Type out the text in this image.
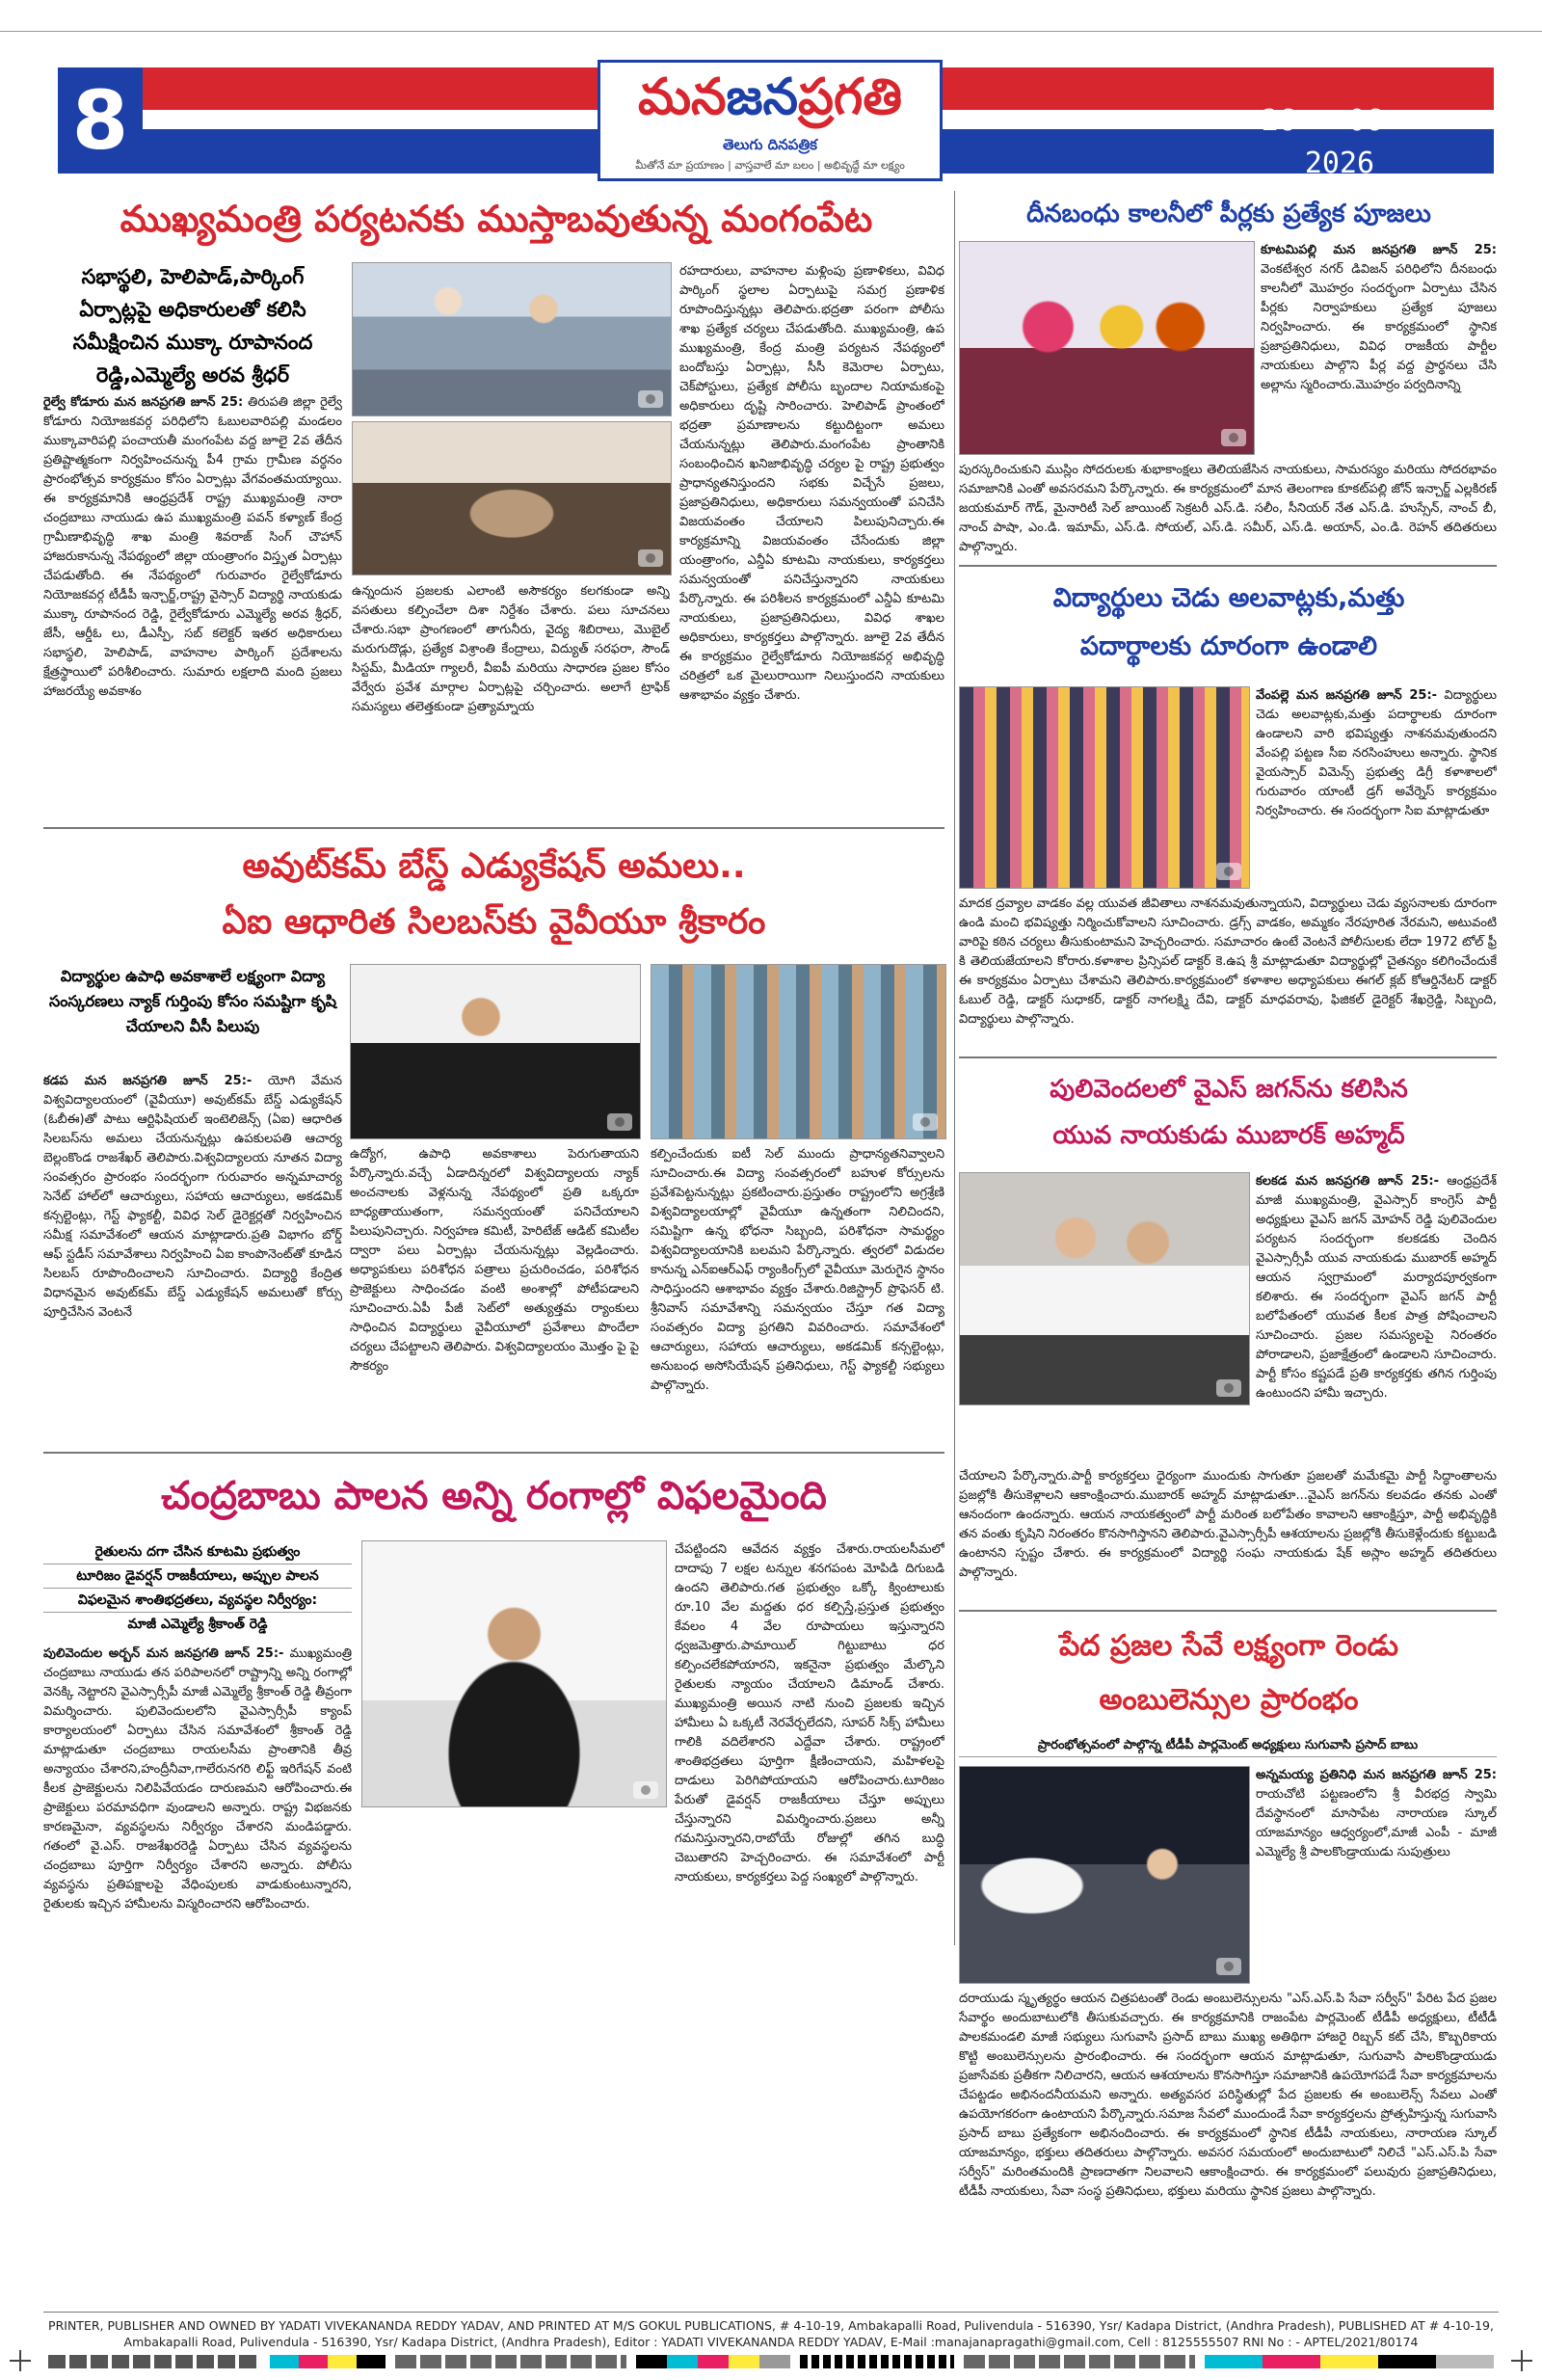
8	మనజనప్రగతి
తెలుగు దినపత్రిక
మీతోనే మా ప్రయాణం | వాస్తవాలే మా బలం | అభివృద్ధే మా లక్ష్యం
26 - 06 - 2026
ముఖ్యమంత్రి పర్యటనకు ముస్తాబవుతున్న మంగంపేట
సభాస్థలి, హెలిపాడ్,పార్కింగ్ ఏర్పాట్లపై అధికారులతో కలిసి సమీక్షించిన ముక్కా రూపానంద రెడ్డి,ఎమ్మెల్యే అరవ శ్రీధర్
రైల్వే కోడూరు మన జనప్రగతి జూన్ 25: తిరుపతి జిల్లా రైల్వే కోడూరు నియోజకవర్గ పరిధిలోని ఓబులవారిపల్లి మండలం ముక్కావారిపల్లి పంచాయతీ మంగంపేట వద్ద జూలై 2వ తేదీన ప్రతిష్టాత్మకంగా నిర్వహించనున్న పీ4 గ్రామ గ్రామీణ వర్ధనం ప్రారంభోత్సవ కార్యక్రమం కోసం ఏర్పాట్లు వేగవంతమయ్యాయి. ఈ కార్యక్రమానికి ఆంధ్రప్రదేశ్ రాష్ట్ర ముఖ్యమంత్రి నారా చంద్రబాబు నాయుడు ఉప ముఖ్యమంత్రి పవన్ కళ్యాణ్ కేంద్ర గ్రామీణాభివృద్ధి శాఖ మంత్రి శివరాజ్ సింగ్ చౌహాన్ హాజరుకానున్న నేపథ్యంలో జిల్లా యంత్రాంగం విస్తృత ఏర్పాట్లు చేపడుతోంది. ఈ నేపథ్యంలో గురువారం రైల్వేకోడూరు నియోజకవర్గ టీడీపీ ఇన్చార్జ్,రాష్ట్ర వైస్సార్ విద్యార్థి నాయకుడు ముక్కా రూపానంద రెడ్డి, రైల్వేకోడూరు ఎమ్మెల్యే అరవ శ్రీధర్, జేసీ, ఆర్డీఓ లు, డీఎస్పీ, సబ్ కలెక్టర్ ఇతర అధికారులు సభాస్థలి, హెలిపాడ్, వాహనాల పార్కింగ్ ప్రదేశాలను క్షేత్రస్థాయిలో పరిశీలించారు. సుమారు లక్షలాది మంది ప్రజలు హాజరయ్యే అవకాశం
ఉన్నందున ప్రజలకు ఎలాంటి అసౌకర్యం కలగకుండా అన్ని వసతులు కల్పించేలా దిశా నిర్దేశం చేశారు. పలు సూచనలు చేశారు.సభా ప్రాంగణంలో తాగునీరు, వైద్య శిబిరాలు, మొబైల్ మరుగుదొడ్లు, ప్రత్యేక విశ్రాంతి కేంద్రాలు, విద్యుత్ సరఫరా, సౌండ్ సిస్టమ్, మీడియా గ్యాలరీ, వీఐపీ మరియు సాధారణ ప్రజల కోసం వేర్వేరు ప్రవేశ మార్గాల ఏర్పాట్లపై చర్చించారు. అలాగే ట్రాఫిక్ సమస్యలు తలెత్తకుండా ప్రత్యామ్నాయ
రహదారులు, వాహనాల మళ్లింపు ప్రణాళికలు, వివిధ పార్కింగ్ స్థలాల ఏర్పాటుపై సమగ్ర ప్రణాళిక రూపొందిస్తున్నట్లు తెలిపారు.భద్రతా పరంగా పోలీసు శాఖ ప్రత్యేక చర్యలు చేపడుతోంది. ముఖ్యమంత్రి, ఉప ముఖ్యమంత్రి, కేంద్ర మంత్రి పర్యటన నేపథ్యంలో బందోబస్తు ఏర్పాట్లు, సీసీ కెమెరాల ఏర్పాటు, చెక్‌పోస్టులు, ప్రత్యేక పోలీసు బృందాల నియామకంపై అధికారులు దృష్టి సారించారు. హెలిపాడ్ ప్రాంతంలో భద్రతా ప్రమాణాలను కట్టుదిట్టంగా అమలు చేయనున్నట్లు తెలిపారు.మంగంపేట ప్రాంతానికి సంబంధించిన ఖనిజాభివృద్ధి చర్యల పై రాష్ట్ర ప్రభుత్వం ప్రాధాన్యతనిస్తుందని సభకు విచ్చేసే ప్రజలు, ప్రజాప్రతినిధులు, అధికారులు సమన్వయంతో పనిచేసి విజయవంతం చేయాలని పిలుపునిచ్చారు.ఈ కార్యక్రమాన్ని విజయవంతం చేసేందుకు జిల్లా యంత్రాంగం, ఎన్డీఏ కూటమి నాయకులు, కార్యకర్తలు సమన్వయంతో పనిచేస్తున్నారని నాయకులు పేర్కొన్నారు. ఈ పరిశీలన కార్యక్రమంలో ఎన్డీఏ కూటమి నాయకులు, ప్రజాప్రతినిధులు, వివిధ శాఖల అధికారులు, కార్యకర్తలు పాల్గొన్నారు. జూలై 2వ తేదీన ఈ కార్యక్రమం రైల్వేకోడూరు నియోజకవర్గ అభివృద్ధి చరిత్రలో ఒక మైలురాయిగా నిలుస్తుందని నాయకులు ఆశాభావం వ్యక్తం చేశారు.
దీనబంధు కాలనీలో పీర్లకు ప్రత్యేక పూజలు
కూటమిపల్లి మన జనప్రగతి జూన్ 25: వెంకటేశ్వర నగర్ డివిజన్ పరిధిలోని దీనబంధు కాలనీలో మొహర్రం సందర్భంగా ఏర్పాటు చేసిన పీర్లకు నిర్వాహకులు ప్రత్యేక పూజలు నిర్వహించారు. ఈ కార్యక్రమంలో స్థానిక ప్రజాప్రతినిధులు, వివిధ రాజకీయ పార్టీల నాయకులు పాల్గొని పీర్ల వద్ద ప్రార్థనలు చేసి అల్లాను స్మరించారు.మొహర్రం పర్వదినాన్ని
పురస్కరించుకుని ముస్లిం సోదరులకు శుభాకాంక్షలు తెలియజేసిన నాయకులు, సామరస్యం మరియు సోదరభావం సమాజానికి ఎంతో అవసరమని పేర్కొన్నారు. ఈ కార్యక్రమంలో మాన తెలంగాణ కూకట్‌పల్లి జోన్ ఇన్చార్జ్ ఎల్లకిరణ్ జయకుమార్ గౌడ్, మైనారిటీ సెల్ జాయింట్ సెక్రటరీ ఎస్.డి. సలీం, సీనియర్ నేత ఎస్.డి. హుస్సేన్, నాంచ్ బీ, నాంచ్ పాషా, ఎం.డి. ఇమామ్, ఎస్.డి. సోయల్, ఎస్.డి. సమీర్, ఎస్.డి. అయాన్, ఎం.డి. రెహన్ తదితరులు పాల్గొన్నారు.
విద్యార్థులు చెడు అలవాట్లకు,మత్తు
పదార్థాలకు దూరంగా ఉండాలి
వేంపల్లె మన జనప్రగతి జూన్ 25:- విద్యార్థులు చెడు అలవాట్లకు,మత్తు పదార్థాలకు దూరంగా ఉండాలని వారి భవిష్యత్తు నాశనమవుతుందని వేంపల్లి పట్టణ సీఐ నరసింహులు అన్నారు. స్థానిక వైయస్సార్ విమెన్స్ ప్రభుత్వ డిగ్రీ కళాశాలలో గురువారం యాంటీ డ్రగ్ అవేర్నెస్ కార్యక్రమం నిర్వహించారు. ఈ సందర్భంగా సిఐ మాట్లాడుతూ
మాదక ద్రవ్యాల వాడకం వల్ల యువత జీవితాలు నాశనమవుతున్నాయని, విద్యార్థులు చెడు వ్యసనాలకు దూరంగా ఉండి మంచి భవిష్యత్తు నిర్మించుకోవాలని సూచించారు. డ్రగ్స్ వాడకం, అమ్మకం నేరపూరిత నేరమని, అటువంటి వారిపై కఠిన చర్యలు తీసుకుంటామని హెచ్చరించారు. సమాచారం ఉంటే వెంటనే పోలీసులకు లేదా 1972 టోల్ ఫ్రీ కి తెలియజేయాలని కోరారు.కళాశాల ప్రిన్సిపల్ డాక్టర్ కె.ఉష శ్రీ మాట్లాడుతూ విద్యార్థుల్లో చైతన్యం కలిగించేందుకే ఈ కార్యక్రమం ఏర్పాటు చేశామని తెలిపారు.కార్యక్రమంలో కళాశాల అధ్యాపకులు ఈగల్ క్లబ్ కోఆర్డినేటర్ డాక్టర్ ఓబుల్ రెడ్డి, డాక్టర్ సుధాకర్, డాక్టర్ నాగలక్ష్మి దేవి, డాక్టర్ మాధవరావు, ఫిజికల్ డైరెక్టర్ శేఖర్రెడ్డి, సిబ్బంది, విద్యార్థులు పాల్గొన్నారు.
అవుట్‌కమ్ బేస్డ్ ఎడ్యుకేషన్ అమలు..
ఏఐ ఆధారిత సిలబస్‌కు వైవీయూ శ్రీకారం
విద్యార్థుల ఉపాధి అవకాశాలే లక్ష్యంగా విద్యా సంస్కరణలు న్యాక్ గుర్తింపు కోసం సమష్టిగా కృషి చేయాలని వీసీ పిలుపు
కడప మన జనప్రగతి జూన్ 25:- యోగి వేమన విశ్వవిద్యాలయంలో (వైవీయూ) అవుట్‌కమ్ బేస్డ్ ఎడ్యుకేషన్ (ఓబీఈ)తో పాటు ఆర్టిఫిషియల్ ఇంటెలిజెన్స్ (ఏఐ) ఆధారిత సిలబస్‌ను అమలు చేయనున్నట్లు ఉపకులపతి ఆచార్య బెల్లంకొండ రాజశేఖర్ తెలిపారు.విశ్వవిద్యాలయ నూతన విద్యా సంవత్సరం ప్రారంభం సందర్భంగా గురువారం అన్నమాచార్య సెనేట్ హాల్‌లో ఆచార్యులు, సహాయ ఆచార్యులు, అకడమిక్ కన్సల్టెంట్లు, గెస్ట్ ఫ్యాకల్టీ, వివిధ సెల్ డైరెక్టర్లతో నిర్వహించిన సమీక్ష సమావేశంలో ఆయన మాట్లాడారు.ప్రతి విభాగం బోర్డ్ ఆఫ్ స్టడీస్ సమావేశాలు నిర్వహించి ఏఐ కాంపొనెంట్‌తో కూడిన సిలబస్ రూపొందించాలని సూచించారు. విద్యార్థి కేంద్రిత విధానమైన అవుట్‌కమ్ బేస్డ్ ఎడ్యుకేషన్ అమలుతో కోర్సు పూర్తిచేసిన వెంటనే
ఉద్యోగ, ఉపాధి అవకాశాలు పెరుగుతాయని పేర్కొన్నారు.వచ్చే ఏడాదిన్నరలో విశ్వవిద్యాలయ న్యాక్ అంచనాలకు వెళ్లనున్న నేపథ్యంలో ప్రతి ఒక్కరూ బాధ్యతాయుతంగా, సమన్వయంతో పనిచేయాలని పిలుపునిచ్చారు. నిర్వహణ కమిటీ, హెరిటేజ్ ఆడిట్ కమిటీల ద్వారా పలు ఏర్పాట్లు చేయనున్నట్లు వెల్లడించారు. అధ్యాపకులు పరిశోధన పత్రాలు ప్రచురించడం, పరిశోధన ప్రాజెక్టులు సాధించడం వంటి అంశాల్లో పోటీపడాలని సూచించారు.ఏపీ పీజీ సెట్‌లో అత్యుత్తమ ర్యాంకులు సాధించిన విద్యార్థులు వైవీయూలో ప్రవేశాలు పొందేలా చర్యలు చేపట్టాలని తెలిపారు. విశ్వవిద్యాలయం మొత్తం పై పై సౌకర్యం
కల్పించేందుకు ఐటీ సెల్ ముందు ప్రాధాన్యతనివ్వాలని సూచించారు.ఈ విద్యా సంవత్సరంలో బహుళ కోర్సులను ప్రవేశపెట్టనున్నట్లు ప్రకటించారు.ప్రస్తుతం రాష్ట్రంలోని అగ్రశ్రేణి విశ్వవిద్యాలయాల్లో వైవీయూ ఉన్నతంగా నిలిచిందని, సమిష్టిగా ఉన్న భోధనా సిబ్బంది, పరిశోధనా సామర్థ్యం విశ్వవిద్యాలయానికి బలమని పేర్కొన్నారు. త్వరలో విడుదల కానున్న ఎన్ఐఆర్ఎఫ్ ర్యాంకింగ్స్‌లో వైవీయూ మెరుగైన స్థానం సాధిస్తుందని ఆశాభావం వ్యక్తం చేశారు.రిజిస్ట్రార్ ప్రొఫెసర్ టి. శ్రీనివాస్ సమావేశాన్ని సమన్వయం చేస్తూ గత విద్యా సంవత్సరం విద్యా ప్రగతిని వివరించారు. సమావేశంలో ఆచార్యులు, సహాయ ఆచార్యులు, అకడమిక్ కన్సల్టెంట్లు, అనుబంధ అసోసియేషన్ ప్రతినిధులు, గెస్ట్ ఫ్యాకల్టీ సభ్యులు పాల్గొన్నారు.
పులివెందలలో వైఎస్ జగన్‌ను కలిసిన
యువ నాయకుడు ముబారక్ అహ్మద్
కలకడ మన జనప్రగతి జూన్ 25:- ఆంధ్రప్రదేశ్ మాజీ ముఖ్యమంత్రి, వైఎస్సార్ కాంగ్రెస్ పార్టీ అధ్యక్షులు వైఎస్ జగన్ మోహన్ రెడ్డి పులివెందుల పర్యటన సందర్భంగా కలకడకు చెందిన వైఎస్సార్సీపీ యువ నాయకుడు ముబారక్ అహ్మద్ ఆయన స్వగ్రామంలో మర్యాదపూర్వకంగా కలిశారు. ఈ సందర్భంగా వైఎస్ జగన్ పార్టీ బలోపేతంలో యువత కీలక పాత్ర పోషించాలని సూచించారు. ప్రజల సమస్యలపై నిరంతరం పోరాడాలని, ప్రజాక్షేత్రంలో ఉండాలని సూచించారు. పార్టీ కోసం కష్టపడే ప్రతి కార్యకర్తకు తగిన గుర్తింపు ఉంటుందని హామీ ఇచ్చారు.
చేయాలని పేర్కొన్నారు.పార్టీ కార్యకర్తలు ధైర్యంగా ముందుకు సాగుతూ ప్రజలతో మమేకమై పార్టీ సిద్ధాంతాలను ప్రజల్లోకి తీసుకెళ్లాలని ఆకాంక్షించారు.ముబారక్ అహ్మద్ మాట్లాడుతూ...వైఎస్ జగన్‌ను కలవడం తనకు ఎంతో ఆనందంగా ఉందన్నారు. ఆయన నాయకత్వంలో పార్టీ మరింత బలోపేతం కావాలని ఆకాంక్షిస్తూ, పార్టీ అభివృద్ధికి తన వంతు కృషిని నిరంతరం కొనసాగిస్తానని తెలిపారు.వైఎస్సార్సీపీ ఆశయాలను ప్రజల్లోకి తీసుకెళ్లేందుకు కట్టుబడి ఉంటానని స్పష్టం చేశారు. ఈ కార్యక్రమంలో విద్యార్థి సంఘ నాయకుడు షేక్ అస్లాం అహ్మద్ తదితరులు పాల్గొన్నారు.
చంద్రబాబు పాలన అన్ని రంగాల్లో విఫలమైంది
రైతులను దగా చేసిన కూటమి ప్రభుత్వం
టూరిజం డైవర్షన్ రాజకీయాలు, అప్పుల పాలన
విఫలమైన శాంతిభద్రతలు, వ్యవస్థల నిర్వీర్యం:
మాజీ ఎమ్మెల్యే శ్రీకాంత్ రెడ్డి
పులివెందుల అర్బన్ మన జనప్రగతి జూన్ 25:- ముఖ్యమంత్రి చంద్రబాబు నాయుడు తన పరిపాలనలో రాష్ట్రాన్ని అన్ని రంగాల్లో వెనక్కి నెట్టారని వైఎస్సార్సీపీ మాజీ ఎమ్మెల్యే శ్రీకాంత్ రెడ్డి తీవ్రంగా విమర్శించారు. పులివెందులలోని వైఎస్సార్సీపీ క్యాంప్ కార్యాలయంలో ఏర్పాటు చేసిన సమావేశంలో శ్రీకాంత్ రెడ్డి మాట్లాడుతూ చంద్రబాబు రాయలసీమ ప్రాంతానికి తీవ్ర అన్యాయం చేశారని,హంద్రీనీవా,గాలేరునగరి లిఫ్ట్ ఇరిగేషన్ వంటి కీలక ప్రాజెక్టులను నిలిపివేయడం దారుణమని ఆరోపించారు.ఈ ప్రాజెక్టులు పరమావధిగా వుండాలని అన్నారు. రాష్ట్ర విభజనకు కారణమైనా, వ్యవస్థలను నిర్వీర్యం చేశారని మండిపడ్డారు. గతంలో వై.ఎస్. రాజశేఖరరెడ్డి ఏర్పాటు చేసిన వ్యవస్థలను చంద్రబాబు పూర్తిగా నిర్వీర్యం చేశారని అన్నారు. పోలీసు వ్యవస్థను ప్రతిపక్షాలపై వేధింపులకు వాడుకుంటున్నారని, రైతులకు ఇచ్చిన హామీలను విస్మరించారని ఆరోపించారు.
చేపట్టిందని ఆవేదన వ్యక్తం చేశారు.రాయలసీమలో దాదాపు 7 లక్షల టన్నుల శనగపంట మోపిడి దిగుబడి ఉందని తెలిపారు.గత ప్రభుత్వం ఒక్కో క్వింటాలుకు రూ.10 వేల మద్దతు ధర కల్పిస్తే,ప్రస్తుత ప్రభుత్వం కేవలం 4 వేల రూపాయలు ఇస్తున్నారని ధ్వజమెత్తారు.పామాయిల్ గిట్టుబాటు ధర కల్పించలేకపోయారని, ఇకనైనా ప్రభుత్వం మేల్కొని రైతులకు న్యాయం చేయాలని డిమాండ్ చేశారు. ముఖ్యమంత్రి అయిన నాటి నుంచి ప్రజలకు ఇచ్చిన హామీలు ఏ ఒక్కటీ నెరవేర్చలేదని, సూపర్ సిక్స్ హామీలు గాలికి వదిలేశారని ఎద్దేవా చేశారు. రాష్ట్రంలో శాంతిభద్రతలు పూర్తిగా క్షీణించాయని, మహిళలపై దాడులు పెరిగిపోయాయని ఆరోపించారు.టూరిజం పేరుతో డైవర్షన్ రాజకీయాలు చేస్తూ అప్పులు చేస్తున్నారని విమర్శించారు.ప్రజలు అన్నీ గమనిస్తున్నారని,రాబోయే రోజుల్లో తగిన బుద్ధి చెబుతారని హెచ్చరించారు. ఈ సమావేశంలో పార్టీ నాయకులు, కార్యకర్తలు పెద్ద సంఖ్యలో పాల్గొన్నారు.
పేద ప్రజల సేవే లక్ష్యంగా రెండు
అంబులెన్సుల ప్రారంభం
ప్రారంభోత్సవంలో పాల్గొన్న టీడీపీ పార్లమెంట్ అధ్యక్షులు సుగువాసి ప్రసాద్ బాబు
అన్నమయ్య ప్రతినిధి మన జనప్రగతి జూన్ 25: రాయచోటి పట్టణంలోని శ్రీ వీరభద్ర స్వామి దేవస్థానంలో మాసాపేట నారాయణ స్కూల్ యాజమాన్యం ఆధ్వర్యంలో,మాజీ ఎంపీ - మాజీ ఎమ్మెల్యే శ్రీ పాలకొండ్రాయుడు సుపుత్రులు
దరాయుడు స్మృత్యర్థం ఆయన చిత్రపటంతో రెండు అంబులెన్సులను "ఎస్.ఎస్.పి సేవా సర్వీస్" పేరిట పేద ప్రజల సేవార్థం అందుబాటులోకి తీసుకువచ్చారు. ఈ కార్యక్రమానికి రాజంపేట పార్లమెంట్ టీడీపీ అధ్యక్షులు, టీటీడీ పాలకమండలి మాజీ సభ్యులు సుగువాసి ప్రసాద్ బాబు ముఖ్య అతిథిగా హాజరై రిబ్బన్ కట్ చేసి, కొబ్బరికాయ కొట్టి అంబులెన్సులను ప్రారంభించారు. ఈ సందర్భంగా ఆయన మాట్లాడుతూ, సుగువాసి పాలకొండ్రాయుడు ప్రజాసేవకు ప్రతీకగా నిలిచారని, ఆయన ఆశయాలను కొనసాగిస్తూ సమాజానికి ఉపయోగపడే సేవా కార్యక్రమాలను చేపట్టడం అభినందనీయమని అన్నారు. అత్యవసర పరిస్థితుల్లో పేద ప్రజలకు ఈ అంబులెన్స్ సేవలు ఎంతో ఉపయోగకరంగా ఉంటాయని పేర్కొన్నారు.సమాజ సేవలో ముందుండే సేవా కార్యకర్తలను ప్రోత్సహిస్తున్న సుగువాసి ప్రసాద్ బాబు ప్రత్యేకంగా అభినందించారు. ఈ కార్యక్రమంలో స్థానిక టీడీపీ నాయకులు, నారాయణ స్కూల్ యాజమాన్యం, భక్తులు తదితరులు పాల్గొన్నారు. అవసర సమయంలో అందుబాటులో నిలిచే "ఎస్.ఎస్.పి సేవా సర్వీస్" మరింతమందికి ప్రాణదాతగా నిలవాలని ఆకాంక్షించారు. ఈ కార్యక్రమంలో పలువురు ప్రజాప్రతినిధులు, టీడీపీ నాయకులు, సేవా సంస్థ ప్రతినిధులు, భక్తులు మరియు స్థానిక ప్రజలు పాల్గొన్నారు.
PRINTER, PUBLISHER AND OWNED BY YADATI VIVEKANANDA REDDY YADAV, AND PRINTED AT M/S GOKUL PUBLICATIONS, # 4-10-19, Ambakapalli Road, Pulivendula - 516390, Ysr/ Kadapa District, (Andhra Pradesh), PUBLISHED AT # 4-10-19, Ambakapalli Road, Pulivendula - 516390, Ysr/ Kadapa District, (Andhra Pradesh), Editor : YADATI VIVEKANANDA REDDY YADAV, E-Mail :manajanapragathi@gmail.com, Cell : 8125555507 RNI No : - APTEL/2021/80174
